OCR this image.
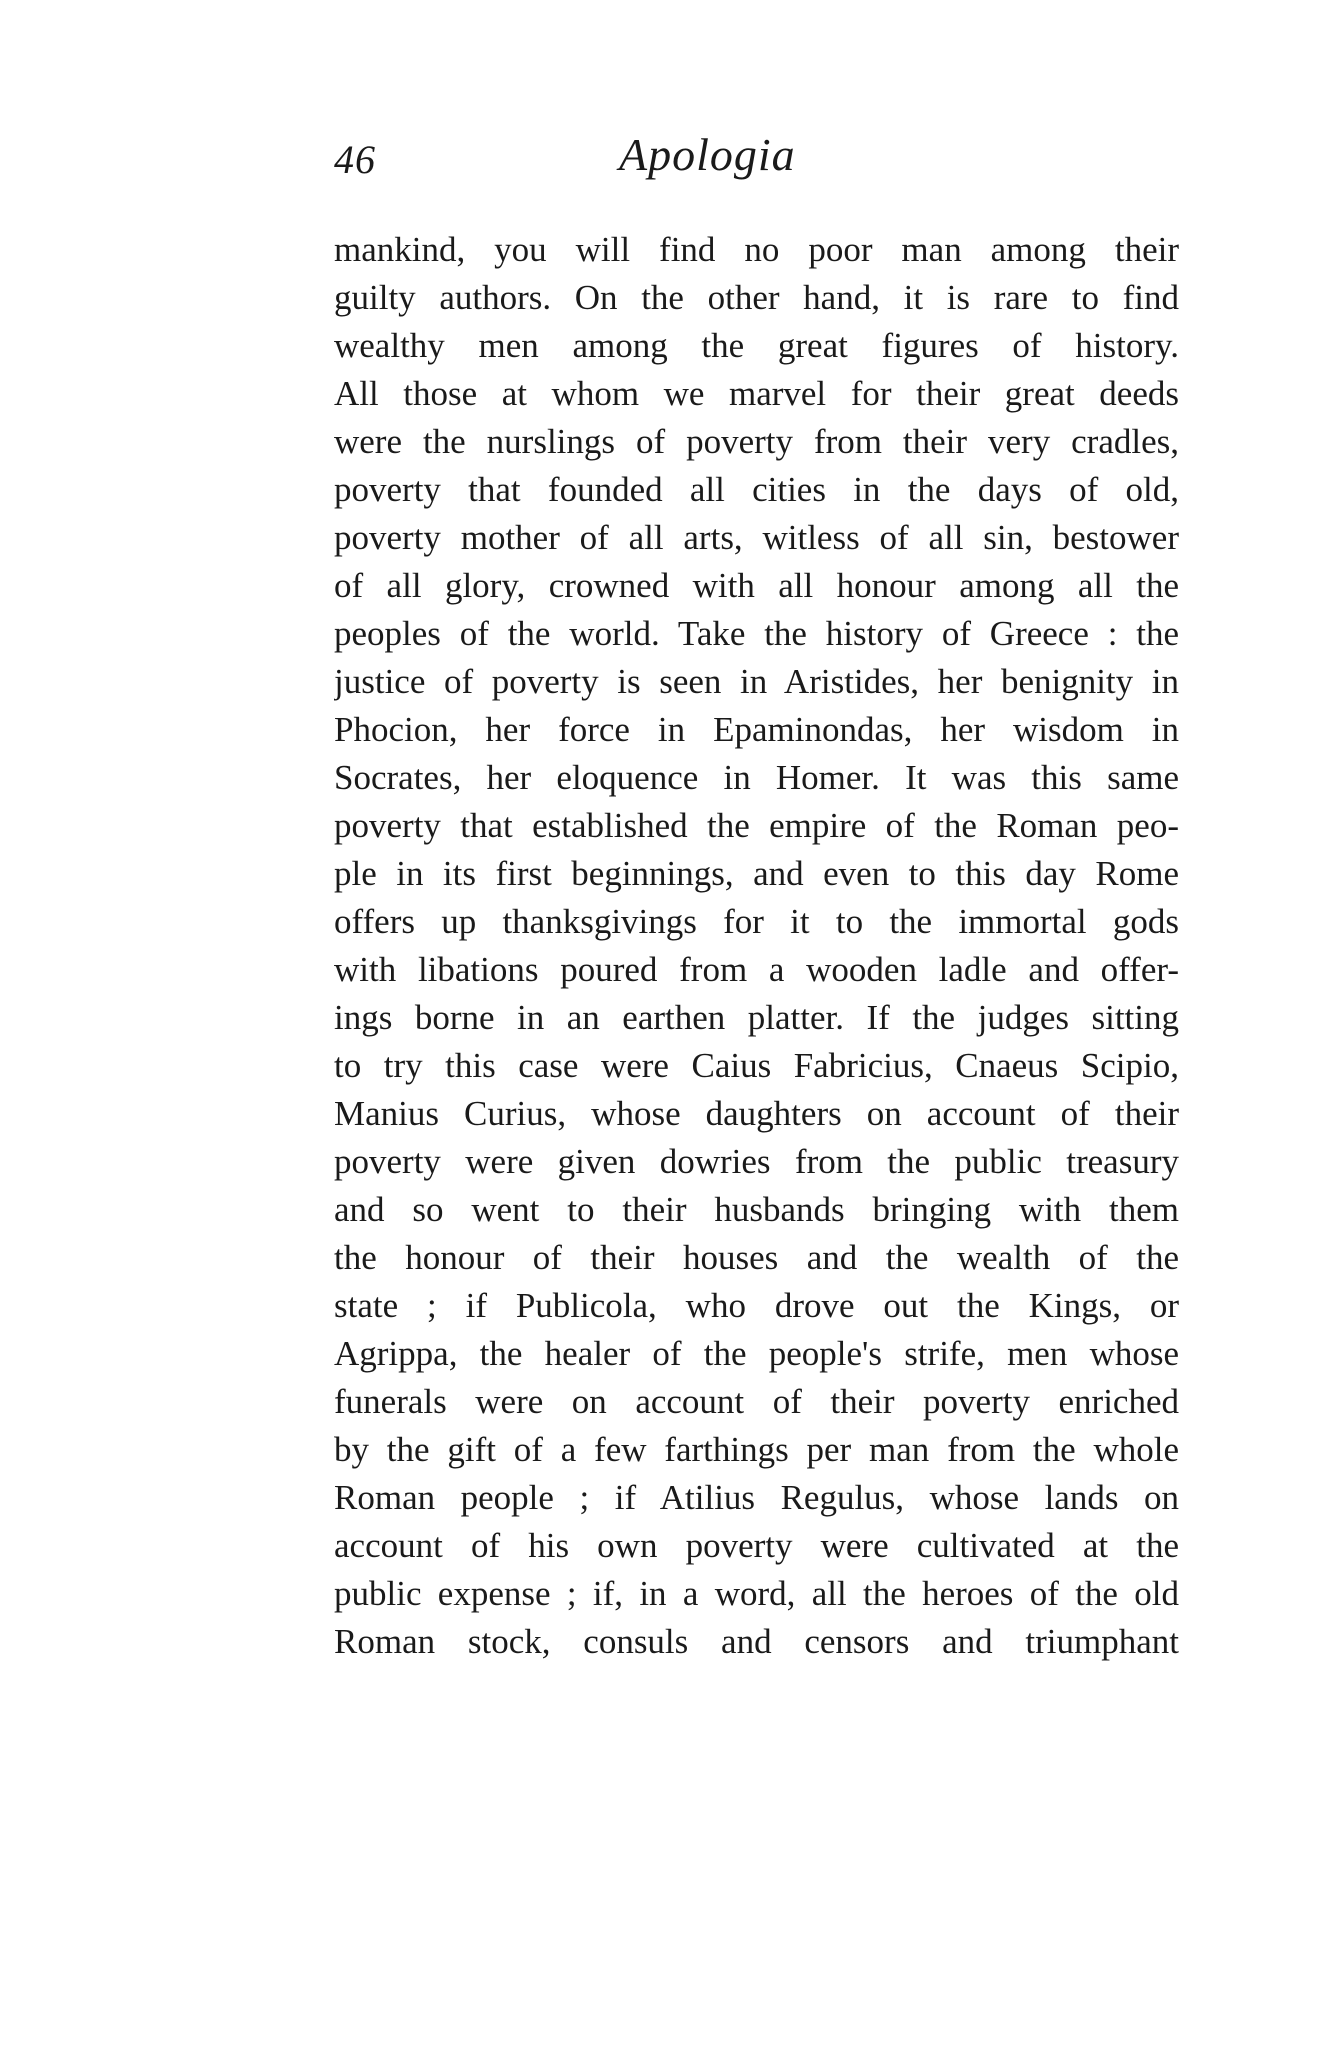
46	Apologia
mankind, you will find no poor man among their
guilty authors. On the other hand, it is rare to find
wealthy men among the great figures of history.
All those at whom we marvel for their great deeds
were the nurslings of poverty from their very cradles,
poverty that founded all cities in the days of old,
poverty mother of all arts, witless of all sin, bestower
of all glory, crowned with all honour among all the
peoples of the world. Take the history of Greece : the
justice of poverty is seen in Aristides, her benignity in
Phocion, her force in Epaminondas, her wisdom in
Socrates, her eloquence in Homer. It was this same
poverty that established the empire of the Roman peo-
ple in its first beginnings, and even to this day Rome
offers up thanksgivings for it to the immortal gods
with libations poured from a wooden ladle and offer-
ings borne in an earthen platter. If the judges sitting
to try this case were Caius Fabricius, Cnaeus Scipio,
Manius Curius, whose daughters on account of their
poverty were given dowries from the public treasury
and so went to their husbands bringing with them
the honour of their houses and the wealth of the
state ; if Publicola, who drove out the Kings, or
Agrippa, the healer of the people's strife, men whose
funerals were on account of their poverty enriched
by the gift of a few farthings per man from the whole
Roman people ; if Atilius Regulus, whose lands on
account of his own poverty were cultivated at the
public expense ; if, in a word, all the heroes of the old
Roman stock, consuls and censors and triumphant
